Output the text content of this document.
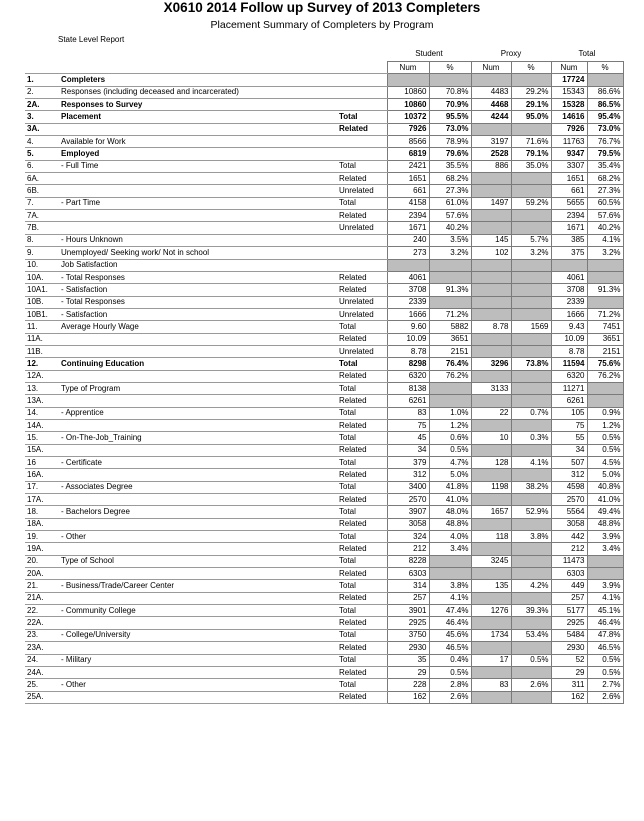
X0610 2014 Follow up Survey of 2013 Completers
Placement Summary of Completers by Program
State Level Report
Student	Proxy	Total
			Num	%	Num	%	Num	%
1.	Completers						17724	
2.	Responses (including deceased and incarcerated)		10860	70.8%	4483	29.2%	15343	86.6%
2A.	Responses to Survey		10860	70.9%	4468	29.1%	15328	86.5%
3.	Placement	Total	10372	95.5%	4244	95.0%	14616	95.4%
3A.		Related	7926	73.0%			7926	73.0%
4.	Available for Work		8566	78.9%	3197	71.6%	11763	76.7%
5.	Employed		6819	79.6%	2528	79.1%	9347	79.5%
6.	- Full Time	Total	2421	35.5%	886	35.0%	3307	35.4%
6A.		Related	1651	68.2%			1651	68.2%
6B.		Unrelated	661	27.3%			661	27.3%
7.	- Part Time	Total	4158	61.0%	1497	59.2%	5655	60.5%
7A.		Related	2394	57.6%			2394	57.6%
7B.		Unrelated	1671	40.2%			1671	40.2%
8.	- Hours Unknown		240	3.5%	145	5.7%	385	4.1%
9.	Unemployed/ Seeking work/ Not in school		273	3.2%	102	3.2%	375	3.2%
10.	Job Satisfaction							
10A.	- Total Responses	Related	4061				4061	
10A1.	- Satisfaction	Related	3708	91.3%			3708	91.3%
10B.	- Total Responses	Unrelated	2339				2339	
10B1.	- Satisfaction	Unrelated	1666	71.2%			1666	71.2%
11.	Average Hourly Wage	Total	9.60	5882	8.78	1569	9.43	7451
11A.		Related	10.09	3651			10.09	3651
11B.		Unrelated	8.78	2151			8.78	2151
12.	Continuing Education	Total	8298	76.4%	3296	73.8%	11594	75.6%
12A.		Related	6320	76.2%			6320	76.2%
13.	Type of Program	Total	8138		3133		11271	
13A.		Related	6261				6261	
14.	- Apprentice	Total	83	1.0%	22	0.7%	105	0.9%
14A.		Related	75	1.2%			75	1.2%
15.	- On-The-Job_Training	Total	45	0.6%	10	0.3%	55	0.5%
15A.		Related	34	0.5%			34	0.5%
16	- Certificate	Total	379	4.7%	128	4.1%	507	4.5%
16A.		Related	312	5.0%			312	5.0%
17.	- Associates Degree	Total	3400	41.8%	1198	38.2%	4598	40.8%
17A.		Related	2570	41.0%			2570	41.0%
18.	- Bachelors Degree	Total	3907	48.0%	1657	52.9%	5564	49.4%
18A.		Related	3058	48.8%			3058	48.8%
19.	- Other	Total	324	4.0%	118	3.8%	442	3.9%
19A.		Related	212	3.4%			212	3.4%
20.	Type of School	Total	8228		3245		11473	
20A.		Related	6303				6303	
21.	- Business/Trade/Career Center	Total	314	3.8%	135	4.2%	449	3.9%
21A.		Related	257	4.1%			257	4.1%
22.	- Community College	Total	3901	47.4%	1276	39.3%	5177	45.1%
22A.		Related	2925	46.4%			2925	46.4%
23.	- College/University	Total	3750	45.6%	1734	53.4%	5484	47.8%
23A.		Related	2930	46.5%			2930	46.5%
24.	- Military	Total	35	0.4%	17	0.5%	52	0.5%
24A.		Related	29	0.5%			29	0.5%
25.	- Other	Total	228	2.8%	83	2.6%	311	2.7%
25A.		Related	162	2.6%			162	2.6%
